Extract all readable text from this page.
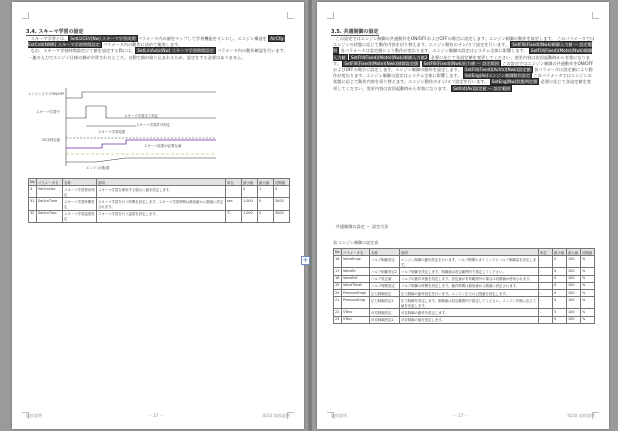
3.4. スキーマ学習の設定
スキーマ学習とは、 SetLUCEV(Nw) スキーマ学習周期 パラメータ内の値をマップして学習機能をオンにし、エンジン構造を AirCfg-ExtCntl(NWK) スキーマ学習時間設定 パラメータ内の動作に決めて使用します。
なお、スキーマ学習時間設定にて値を設定する際には、 SetLrnAuto(Nw) スキーマ学習時間設定 パラメータ内の動作確認を行います。一連の入力でエンジン仕様の値が学習されたところ、自動で値が取り込まれるため、設定をする必要はありません。
エンジンフラグON/OFF
スキーマ学習中
スキーマ学習完了判定
スキーマ学習許可判定
スキーマ学習結果
CICS判定値
スキーマ結果が必要な値
エンジン回転数
No	パラメータ名	名称	説明	単位	最小値	最大値	初期値
4	SetLrnUse	スキーマ学習使用判定	スキーマ学習を使用する場合に値を設定します。	-	0	1	0
31	SetLrnTime	スキーマ学習時間設定	スキーマ学習を行う時間を設定します。スキーマ学習時間は最低値から順番に設定されます。	sec	1,000	0	3000
32	SetLrnTmp	スキーマ学習温度設定	スキーマ学習を行う温度を設定します。	℃	1,000	0	3000
取扱説明	－ 27 －	第2章 取扱説明
3.5. 共通制御の設定
この設定ではエンジン制御の共通動作をON/OFFおよびOFFの場合に設定します。エンジン制御の動作を設定します。 このパラメータではエンジンの状態に応じて動作内容を切り替えます。エンジン動作のオン/オフ設定を行います。 SetFIll(Fixed)(Nwk)制御入力値 ー 設定範囲 各パラメータは設定値により動作が変わります。エンジン制御の設定はシステム全体に影響します。 SetFIll(Fixed)(Mote)(Nwk)制御入力値 SetFIll(Fixed)(Mote)(Nwk)制御入力値2 必要に応じて各設定値を変更してください。変更内容は次回起動時から有効になります。 SetFIll(Fixed)(Mote)(Nwk)制御設定値 SetFIll(Fixed)(Nwk)出力値 ー 設定範囲 この設定ではエンジン制御の共通動作をON/OFFおよびOFFの場合に設定します。エンジン制御の動作を設定します。 SetFIll(Fixed)(AcVn)(Nwk)設定値 各パラメータは設定値により動作が変わります。エンジン制御の設定はシステム全体に影響します。 SetEng(Ae)エンジン制御動作設定 このパラメータではエンジンの状態に応じて動作内容を切り替えます。エンジン動作のオン/オフ設定を行います。 SetEng(Nw)状態判定値 必要に応じて各設定値を変更してください。変更内容は次回起動時から有効になります。 SetInt(Av)設定値 ー 設定範囲
共通制御の設定 ー 設定方法
表 エンジン制御の設定表
No	パラメータ名	名称	説明	単位	最小値	最大値	初期値
16	ValveEnge	バルブ制御設定	エンジン制御の動作設定を行います。バルブ開閉のタイミングとバルブ制御量を設定します。	-	0	100	%
17	ValveEc	バルブ制御設定2	バルブ制御を設定します。制御値は設定範囲内で指定してください。	-	0	100	%
18	ValveEsf	バルブ設定値	バルブの動作状態を設定します。設定値が有効範囲外の場合は初期値が使用されます。	-	0	100	%
19	ValveTimet	バルブ時間設定	バルブ制御の時間を設定します。動作時間は最低値から順番に設定されます。	-	0	100	%
20	PressureEnge	圧力制御設定	圧力制御の動作設定を行います。エンジン圧力の上限値を設定します。	-	0	100	%
21	PressureEnlg	圧力制御設定2	圧力制御を設定します。制御値は設定範囲内で指定してください。エンジン状態に応じて値を変更します。	-	0	100	%
22	VTecc	可変制御設定	可変制御の動作を設定します。	-	0	100	%
23	VTecl	可変制御設定2	可変制御の値を設定します。	-	0	100	%
取扱説明	－ 27 －	第2章 取扱説明
✛
